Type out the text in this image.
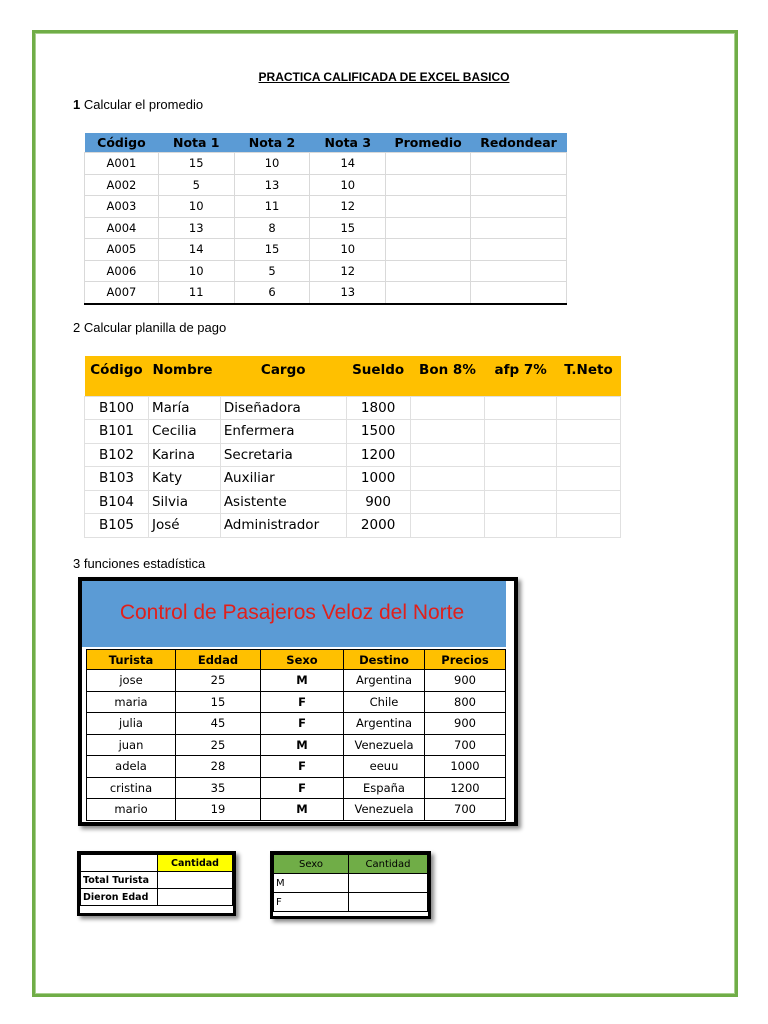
PRACTICA CALIFICADA DE EXCEL BASICO
1 Calcular el promedio
Código	Nota 1	Nota 2	Nota 3	Promedio	Redondear
A001	15	10	14		
A002	5	13	10		
A003	10	11	12		
A004	13	8	15		
A005	14	15	10		
A006	10	5	12		
A007	11	6	13		
2 Calcular planilla de pago
Código	Nombre	Cargo	Sueldo	Bon 8%	afp 7%	T.Neto
B100	María	Diseñadora	1800			
B101	Cecilia	Enfermera	1500			
B102	Karina	Secretaria	1200			
B103	Katy	Auxiliar	1000			
B104	Silvia	Asistente	900			
B105	José	Administrador	2000			
3 funciones estadística
Control de Pasajeros Veloz del Norte
Turista	Eddad	Sexo	Destino	Precios
jose	25	M	Argentina	900
maria	15	F	Chile	800
julia	45	F	Argentina	900
juan	25	M	Venezuela	700
adela	28	F	eeuu	1000
cristina	35	F	España	1200
mario	19	M	Venezuela	700
	Cantidad
Total Turista	
Dieron Edad	
Sexo	Cantidad
M	
F	
